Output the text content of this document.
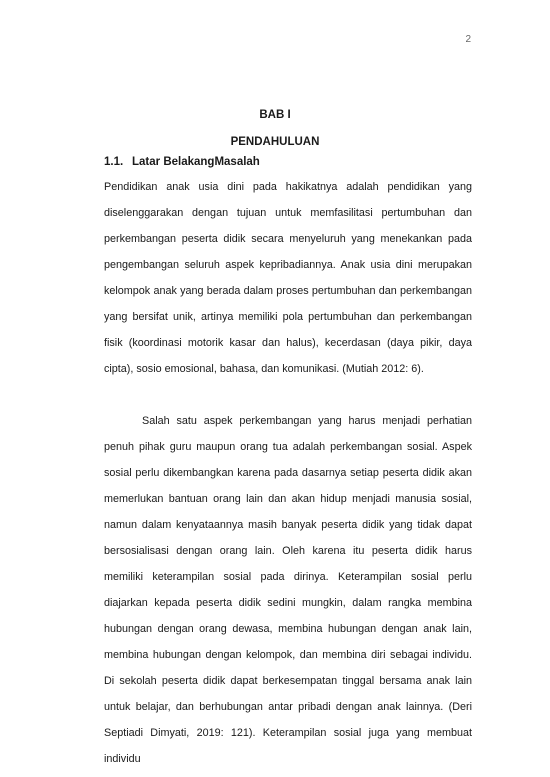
2
BAB I
PENDAHULUAN
1.1. Latar BelakangMasalah

Pendidikan anak usia dini pada hakikatnya adalah pendidikan yang diselenggarakan dengan tujuan untuk memfasilitasi pertumbuhan dan perkembangan peserta didik secara menyeluruh yang menekankan pada pengembangan seluruh aspek kepribadiannya. Anak usia dini merupakan kelompok anak yang berada dalam proses pertumbuhan dan perkembangan yang bersifat unik, artinya memiliki pola pertumbuhan dan perkembangan fisik (koordinasi motorik kasar dan halus), kecerdasan (daya pikir, daya cipta), sosio emosional, bahasa, dan komunikasi. (Mutiah 2012: 6).

Salah satu aspek perkembangan yang harus menjadi perhatian penuh pihak guru maupun orang tua adalah perkembangan sosial. Aspek sosial perlu dikembangkan karena pada dasarnya setiap peserta didik akan memerlukan bantuan orang lain dan akan hidup menjadi manusia sosial, namun dalam kenyataannya masih banyak peserta didik yang tidak dapat bersosialisasi dengan orang lain. Oleh karena itu peserta didik harus memiliki keterampilan sosial pada dirinya. Keterampilan sosial perlu diajarkan kepada peserta didik sedini mungkin, dalam rangka membina hubungan dengan orang dewasa, membina hubungan dengan anak lain, membina hubungan dengan kelompok, dan membina diri sebagai individu. Di sekolah peserta didik dapat berkesempatan tinggal bersama anak lain untuk belajar, dan berhubungan antar pribadi dengan anak lainnya. (Deri Septiadi Dimyati, 2019: 121). Keterampilan sosial juga yang membuat individu
